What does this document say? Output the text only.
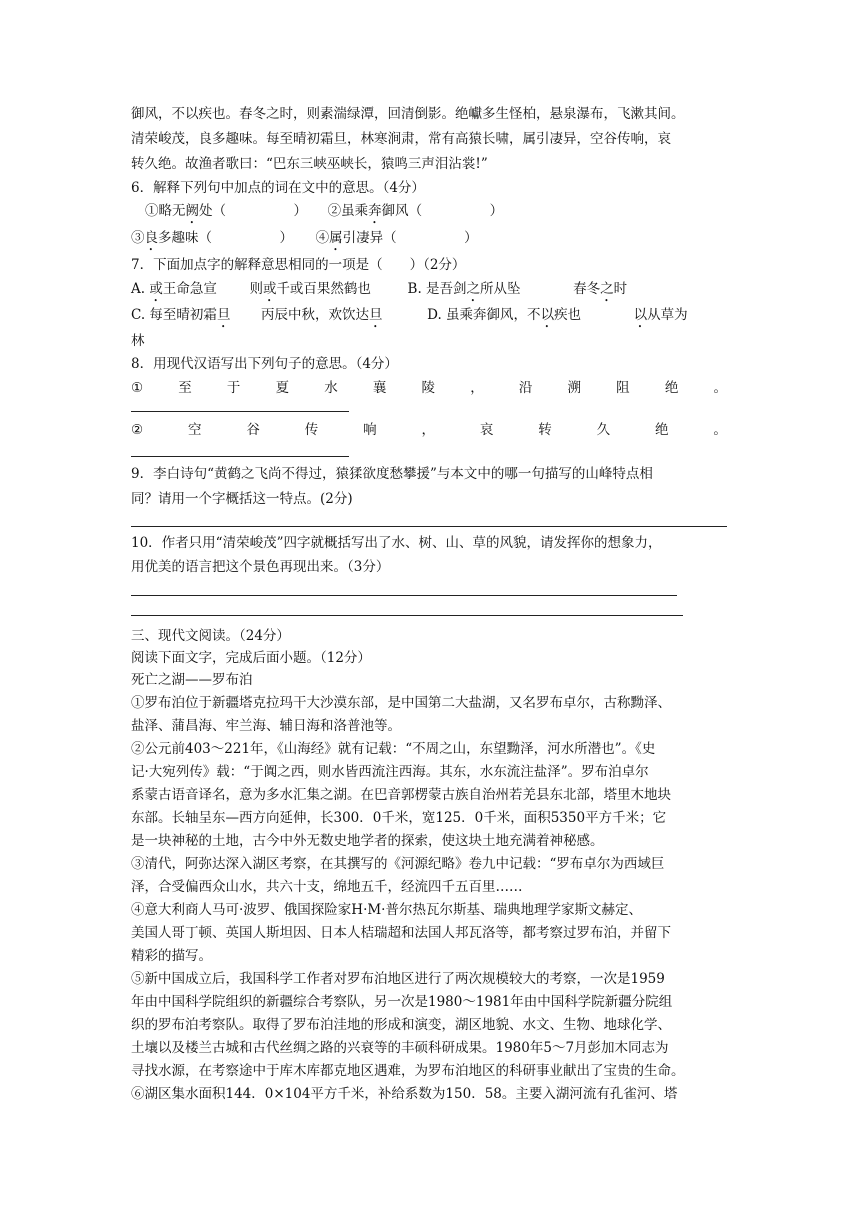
御风，不以疾也。春冬之时，则素湍绿潭，回清倒影。绝巘多生怪柏，悬泉瀑布，飞漱其间。
清荣峻茂，良多趣味。每至晴初霜旦，林寒涧肃，常有高猿长啸，属引凄异，空谷传响，哀
转久绝。故渔者歌曰：“巴东三峡巫峡长，猿鸣三声泪沾裳!”
6．解释下列句中加点的词在文中的意思。（4分）
①略无阙处（　　　　　） ②虽乘奔御风（　　　　　）
③良多趣味（　　　　　） ④属引凄异（　　　　　）
7．下面加点字的解释意思相同的一项是（　　）（2分）
A. 或王命急宣 则或千或百果然鹤也	B. 是吾剑之所从坠	春冬之时
C. 每至晴初霜旦 丙辰中秋，欢饮达旦	D. 虽乘奔御风，不以疾也	以从草为
林
8．用现代汉语写出下列句子的意思。（4分）
①	至	于	夏	水	襄	陵	，	沿	溯	阻	绝	。
②	空	谷	传	响	，	哀	转	久	绝	。
9．李白诗句“黄鹤之飞尚不得过，猿猱欲度愁攀援”与本文中的哪一句描写的山峰特点相
同？请用一个字概括这一特点。(2分)
10．作者只用“清荣峻茂”四字就概括写出了水、树、山、草的风貌，请发挥你的想象力，
用优美的语言把这个景色再现出来。（3分）
三、现代文阅读。（24分）
阅读下面文字，完成后面小题。（12分）
死亡之湖——罗布泊
①罗布泊位于新疆塔克拉玛干大沙漠东部，是中国第二大盐湖，又名罗布卓尔，古称黝泽、
盐泽、蒲昌海、牢兰海、辅日海和洛普池等。
②公元前403～221年，《山海经》就有记载：“不周之山，东望黝泽，河水所潜也”。《史
记·大宛列传》载：“于阗之西，则水皆西流注西海。其东，水东流注盐泽”。罗布泊卓尔
系蒙古语音译名，意为多水汇集之湖。在巴音郭楞蒙古族自治州若羌县东北部，塔里木地块
东部。长轴呈东—西方向延伸，长300．0千米，宽125．0千米，面积5350平方千米；它
是一块神秘的土地，古今中外无数史地学者的探索，使这块土地充满着神秘感。
③清代，阿弥达深入湖区考察，在其撰写的《河源纪略》卷九中记载：“罗布卓尔为西域巨
泽，合受偏西众山水，共六十支，绵地五千，经流四千五百里……
④意大利商人马可·波罗、俄国探险家H·M·普尔热瓦尔斯基、瑞典地理学家斯文赫定、
美国人哥丁顿、英国人斯坦因、日本人桔瑞超和法国人邦瓦洛等，都考察过罗布泊，并留下
精彩的描写。
⑤新中国成立后，我国科学工作者对罗布泊地区进行了两次规模较大的考察，一次是1959
年由中国科学院组织的新疆综合考察队，另一次是1980～1981年由中国科学院新疆分院组
织的罗布泊考察队。取得了罗布泊洼地的形成和演变，湖区地貌、水文、生物、地球化学、
土壤以及楼兰古城和古代丝绸之路的兴衰等的丰硕科研成果。1980年5～7月彭加木同志为
寻找水源，在考察途中于库木库都克地区遇难，为罗布泊地区的科研事业献出了宝贵的生命。
⑥湖区集水面积144．0×104平方千米，补给系数为150．58。主要入湖河流有孔雀河、塔
